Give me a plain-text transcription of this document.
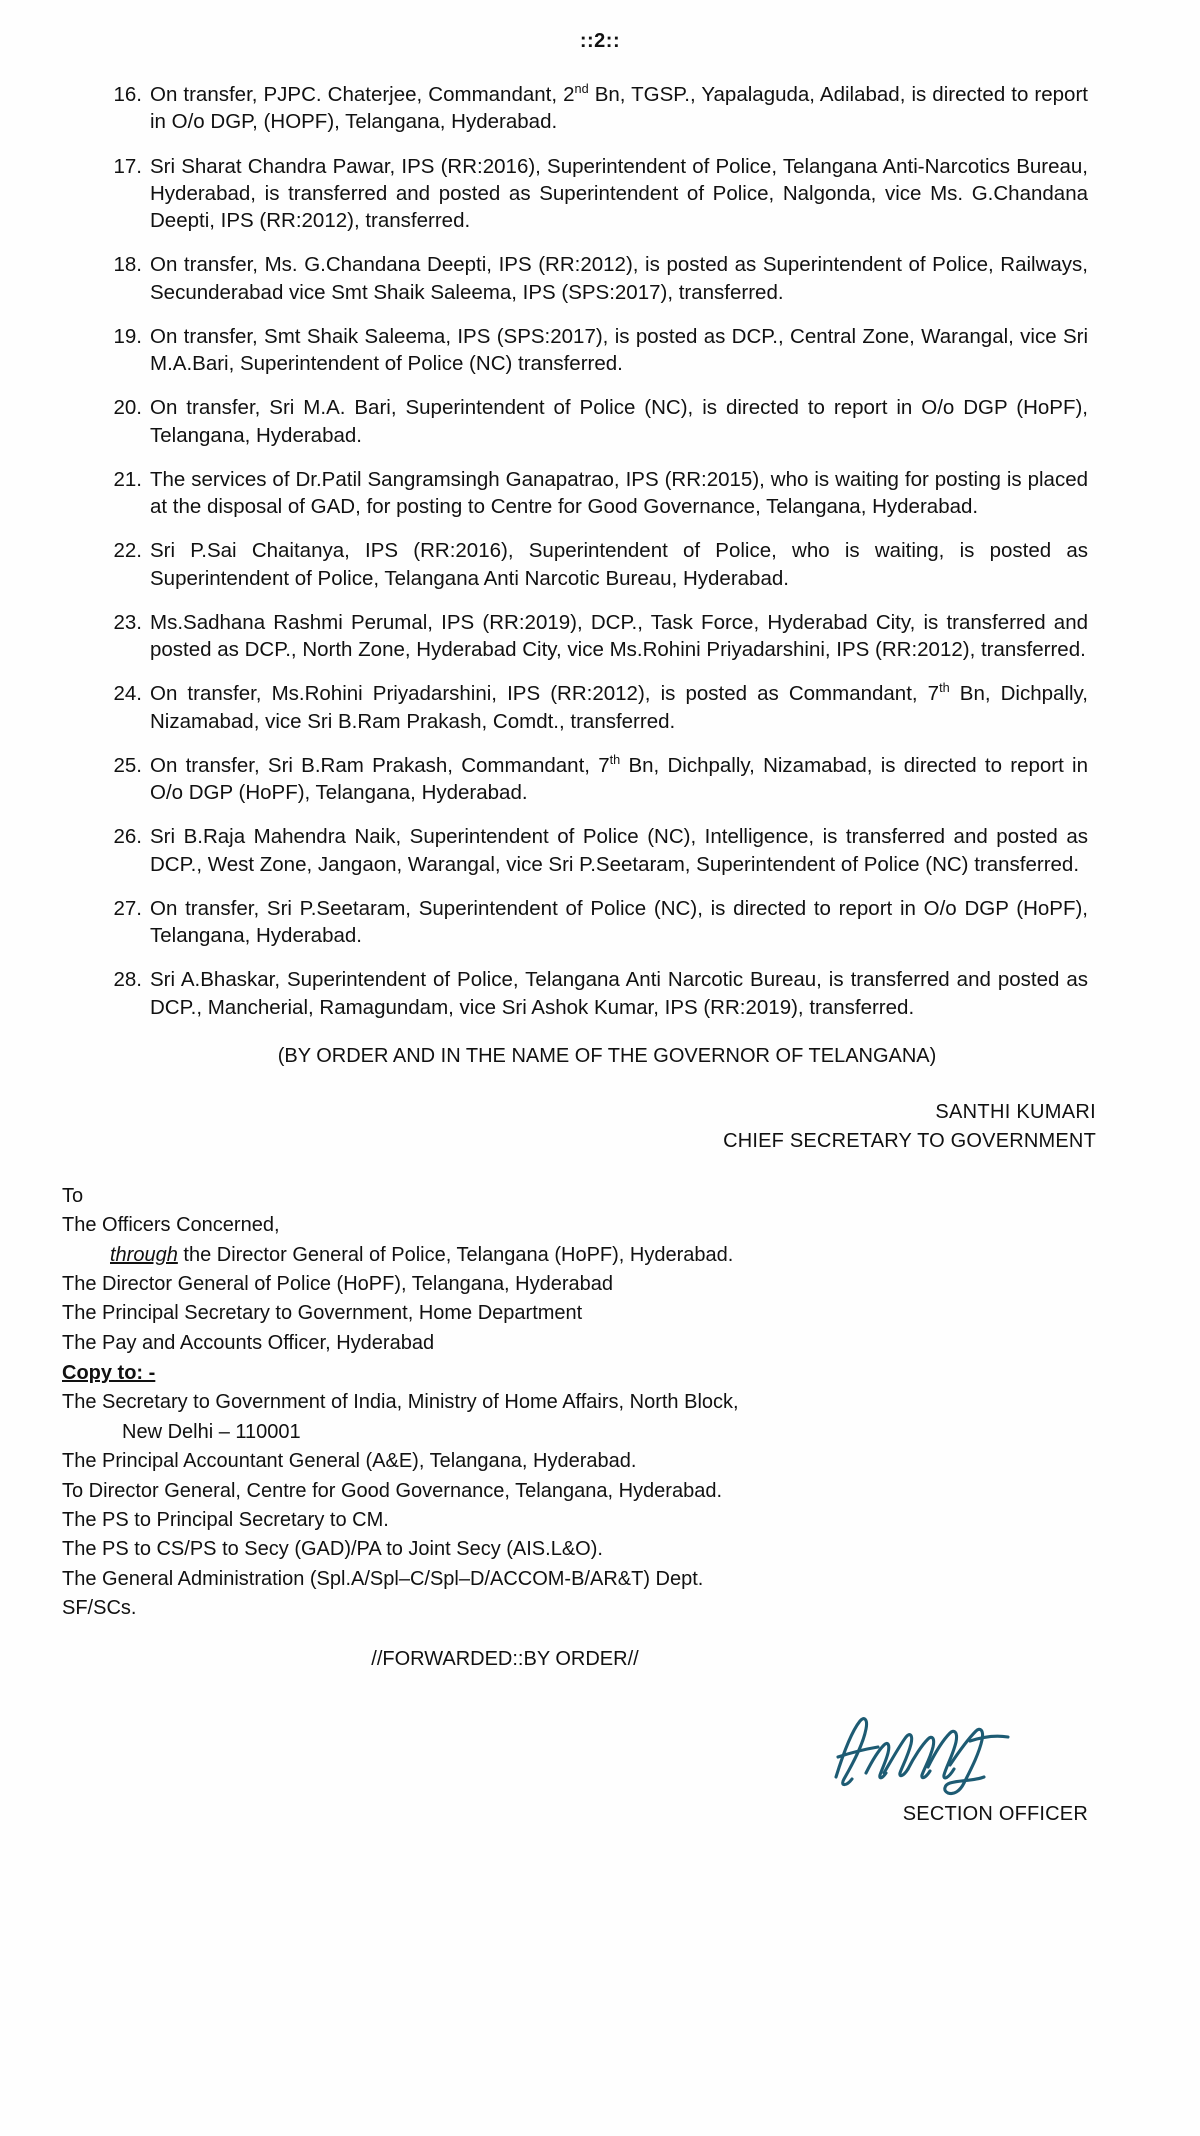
::2::
16. On transfer, PJPC. Chaterjee, Commandant, 2nd Bn, TGSP., Yapalaguda, Adilabad, is directed to report in O/o DGP, (HOPF), Telangana, Hyderabad.
17. Sri Sharat Chandra Pawar, IPS (RR:2016), Superintendent of Police, Telangana Anti-Narcotics Bureau, Hyderabad, is transferred and posted as Superintendent of Police, Nalgonda, vice Ms. G.Chandana Deepti, IPS (RR:2012), transferred.
18. On transfer, Ms. G.Chandana Deepti, IPS (RR:2012), is posted as Superintendent of Police, Railways, Secunderabad vice Smt Shaik Saleema, IPS (SPS:2017), transferred.
19. On transfer, Smt Shaik Saleema, IPS (SPS:2017), is posted as DCP., Central Zone, Warangal, vice Sri M.A.Bari, Superintendent of Police (NC) transferred.
20. On transfer, Sri M.A. Bari, Superintendent of Police (NC), is directed to report in O/o DGP (HoPF), Telangana, Hyderabad.
21. The services of Dr.Patil Sangramsingh Ganapatrao, IPS (RR:2015), who is waiting for posting is placed at the disposal of GAD, for posting to Centre for Good Governance, Telangana, Hyderabad.
22. Sri P.Sai Chaitanya, IPS (RR:2016), Superintendent of Police, who is waiting, is posted as Superintendent of Police, Telangana Anti Narcotic Bureau, Hyderabad.
23. Ms.Sadhana Rashmi Perumal, IPS (RR:2019), DCP., Task Force, Hyderabad City, is transferred and posted as DCP., North Zone, Hyderabad City, vice Ms.Rohini Priyadarshini, IPS (RR:2012), transferred.
24. On transfer, Ms.Rohini Priyadarshini, IPS (RR:2012), is posted as Commandant, 7th Bn, Dichpally, Nizamabad, vice Sri B.Ram Prakash, Comdt., transferred.
25. On transfer, Sri B.Ram Prakash, Commandant, 7th Bn, Dichpally, Nizamabad, is directed to report in O/o DGP (HoPF), Telangana, Hyderabad.
26. Sri B.Raja Mahendra Naik, Superintendent of Police (NC), Intelligence, is transferred and posted as DCP., West Zone, Jangaon, Warangal, vice Sri P.Seetaram, Superintendent of Police (NC) transferred.
27. On transfer, Sri P.Seetaram, Superintendent of Police (NC), is directed to report in O/o DGP (HoPF), Telangana, Hyderabad.
28. Sri A.Bhaskar, Superintendent of Police, Telangana Anti Narcotic Bureau, is transferred and posted as DCP., Mancherial, Ramagundam, vice Sri Ashok Kumar, IPS (RR:2019), transferred.
(BY ORDER AND IN THE NAME OF THE GOVERNOR OF TELANGANA)
SANTHI KUMARI
CHIEF SECRETARY TO GOVERNMENT
To
The Officers Concerned,
through the Director General of Police, Telangana (HoPF), Hyderabad.
The Director General of Police (HoPF), Telangana, Hyderabad
The Principal Secretary to Government, Home Department
The Pay and Accounts Officer, Hyderabad
Copy to: -
The Secretary to Government of India, Ministry of Home Affairs, North Block,
New Delhi – 110001
The Principal Accountant General (A&E), Telangana, Hyderabad.
To Director General, Centre for Good Governance, Telangana, Hyderabad.
The PS to Principal Secretary to CM.
The PS to CS/PS to Secy (GAD)/PA to Joint Secy (AIS.L&O).
The General Administration (Spl.A/Spl–C/Spl–D/ACCOM-B/AR&T) Dept.
SF/SCs.
//FORWARDED::BY ORDER//
SECTION OFFICER
